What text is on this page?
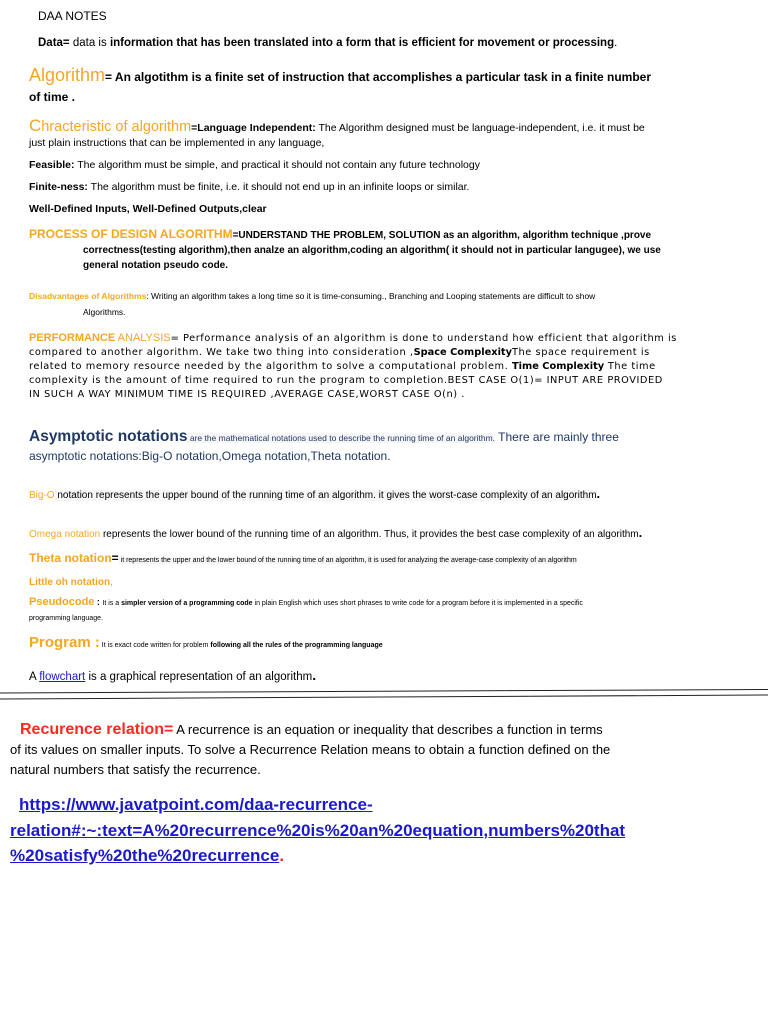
DAA NOTES
Data= data is information that has been translated into a form that is efficient for movement or processing.
Algorithm= An algotithm is a finite set of instruction that accomplishes a particular task in a finite number
of time .
Chracteristic of algorithm=Language Independent: The Algorithm designed must be language-independent, i.e. it must be
just plain instructions that can be implemented in any language,
Feasible: The algorithm must be simple, and practical it should not contain any future technology
Finite-ness: The algorithm must be finite, i.e. it should not end up in an infinite loops or similar.
Well-Defined Inputs, Well-Defined Outputs,clear
PROCESS OF DESIGN ALGORITHM=UNDERSTAND THE PROBLEM, SOLUTION as an algorithm, algorithm technique ,prove
correctness(testing algorithm),then analze an algorithm,coding an algorithm( it should not in particular langugee), we use
general notation pseudo code.
Disadvantages of Algorithms: Writing an algorithm takes a long time so it is time-consuming., Branching and Looping statements are difficult to show
Algorithms.
PERFORMANCE ANALYSIS= Performance analysis of an algorithm is done to understand how efficient that algorithm is
compared to another algorithm. We take two thing into consideration ,Space ComplexityThe space requirement is
related to memory resource needed by the algorithm to solve a computational problem. Time Complexity The time
complexity is the amount of time required to run the program to completion.BEST CASE O(1)= INPUT ARE PROVIDED
IN SUCH A WAY MINIMUM TIME IS REQUIRED ,AVERAGE CASE,WORST CASE O(n) .
Asymptotic notations are the mathematical notations used to describe the running time of an algorithm. There are mainly three
asymptotic notations:Big-O notation,Omega notation,Theta notation.
Big-O notation represents the upper bound of the running time of an algorithm. it gives the worst-case complexity of an algorithm.
Omega notation represents the lower bound of the running time of an algorithm. Thus, it provides the best case complexity of an algorithm.
Theta notation= it represents the upper and the lower bound of the running time of an algorithm, it is used for analyzing the average-case complexity of an algorithm
Little oh notation,
Pseudocode : It is a simpler version of a programming code in plain English which uses short phrases to write code for a program before it is implemented in a specific
programming language.
Program : It is exact code written for problem following all the rules of the programming language
A flowchart is a graphical representation of an algorithm.
Recurence relation= A recurrence is an equation or inequality that describes a function in terms
of its values on smaller inputs. To solve a Recurrence Relation means to obtain a function defined on the
natural numbers that satisfy the recurrence.
https://www.javatpoint.com/daa-recurrence-
relation#:~:text=A%20recurrence%20is%20an%20equation,numbers%20that
%20satisfy%20the%20recurrence.
